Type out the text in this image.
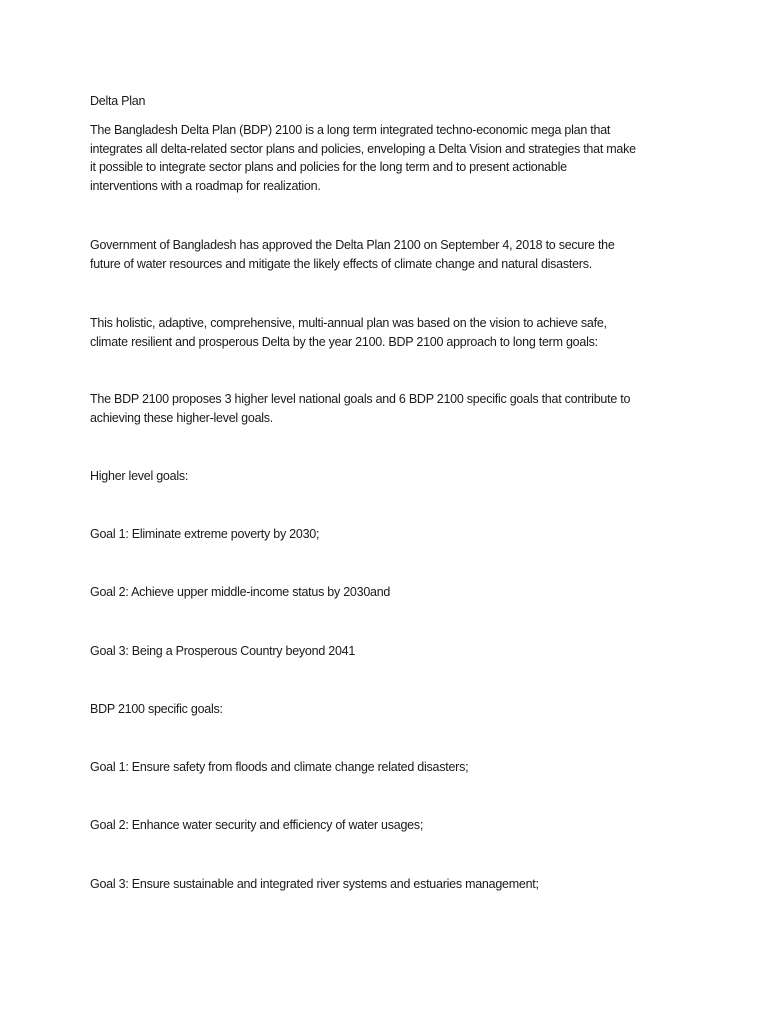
Delta Plan
The Bangladesh Delta Plan (BDP) 2100 is a long term integrated techno-economic mega plan that
integrates all delta-related sector plans and policies, enveloping a Delta Vision and strategies that make
it possible to integrate sector plans and policies for the long term and to present actionable
interventions with a roadmap for realization.
Government of Bangladesh has approved the Delta Plan 2100 on September 4, 2018 to secure the
future of water resources and mitigate the likely effects of climate change and natural disasters.
This holistic, adaptive, comprehensive, multi-annual plan was based on the vision to achieve safe,
climate resilient and prosperous Delta by the year 2100. BDP 2100 approach to long term goals:
The BDP 2100 proposes 3 higher level national goals and 6 BDP 2100 specific goals that contribute to
achieving these higher-level goals.
Higher level goals:
Goal 1: Eliminate extreme poverty by 2030;
Goal 2: Achieve upper middle-income status by 2030and
Goal 3: Being a Prosperous Country beyond 2041
BDP 2100 specific goals:
Goal 1: Ensure safety from floods and climate change related disasters;
Goal 2: Enhance water security and efficiency of water usages;
Goal 3: Ensure sustainable and integrated river systems and estuaries management;
